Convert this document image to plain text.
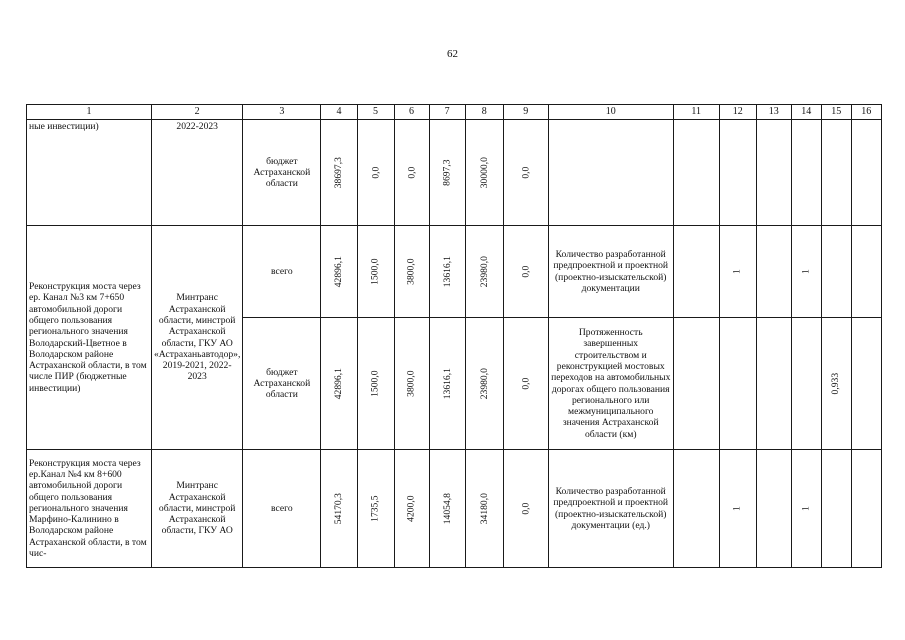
62
1	2	3	4	5	6	7	8	9	10	11	12	13	14	15	16
ные инвестиции)	2022-2023	бюджет Астраханской области	38697,3	0,0	0,0	8697,3	30000,0	0,0							
Реконструкция моста через ер. Канал №3 км 7+650 автомобильной дороги общего пользования регионального значения Володарский-Цветное в Володарском районе Астраханской области, в том числе ПИР (бюджетные инвестиции)	Минтранс Астраханской области, минстрой Астраханской области, ГКУ АО «Астраханьавтодор», 2019-2021, 2022-2023	всего	42896,1	1500,0	3800,0	13616,1	23980,0	0,0	Количество разработанной предпроектной и проектной (проектно-изыскательской) документации		1		1		
		бюджет Астраханской области	42896,1	1500,0	3800,0	13616,1	23980,0	0,0	Протяженность завершенных строительством и реконструкцией мостовых переходов на автомобильных дорогах общего пользования регионального или межмуниципального значения Астраханской области (км)					0,933	
Реконструкция моста через ер.Канал №4 км 8+600 автомобильной дороги общего пользования регионального значения Марфино-Калинино в Володарском районе Астраханской области, в том чис-	Минтранс Астраханской области, минстрой Астраханской области, ГКУ АО	всего	54170,3	1735,5	4200,0	14054,8	34180,0	0,0	Количество разработанной предпроектной и проектной (проектно-изыскательской) документации (ед.)		1		1		
